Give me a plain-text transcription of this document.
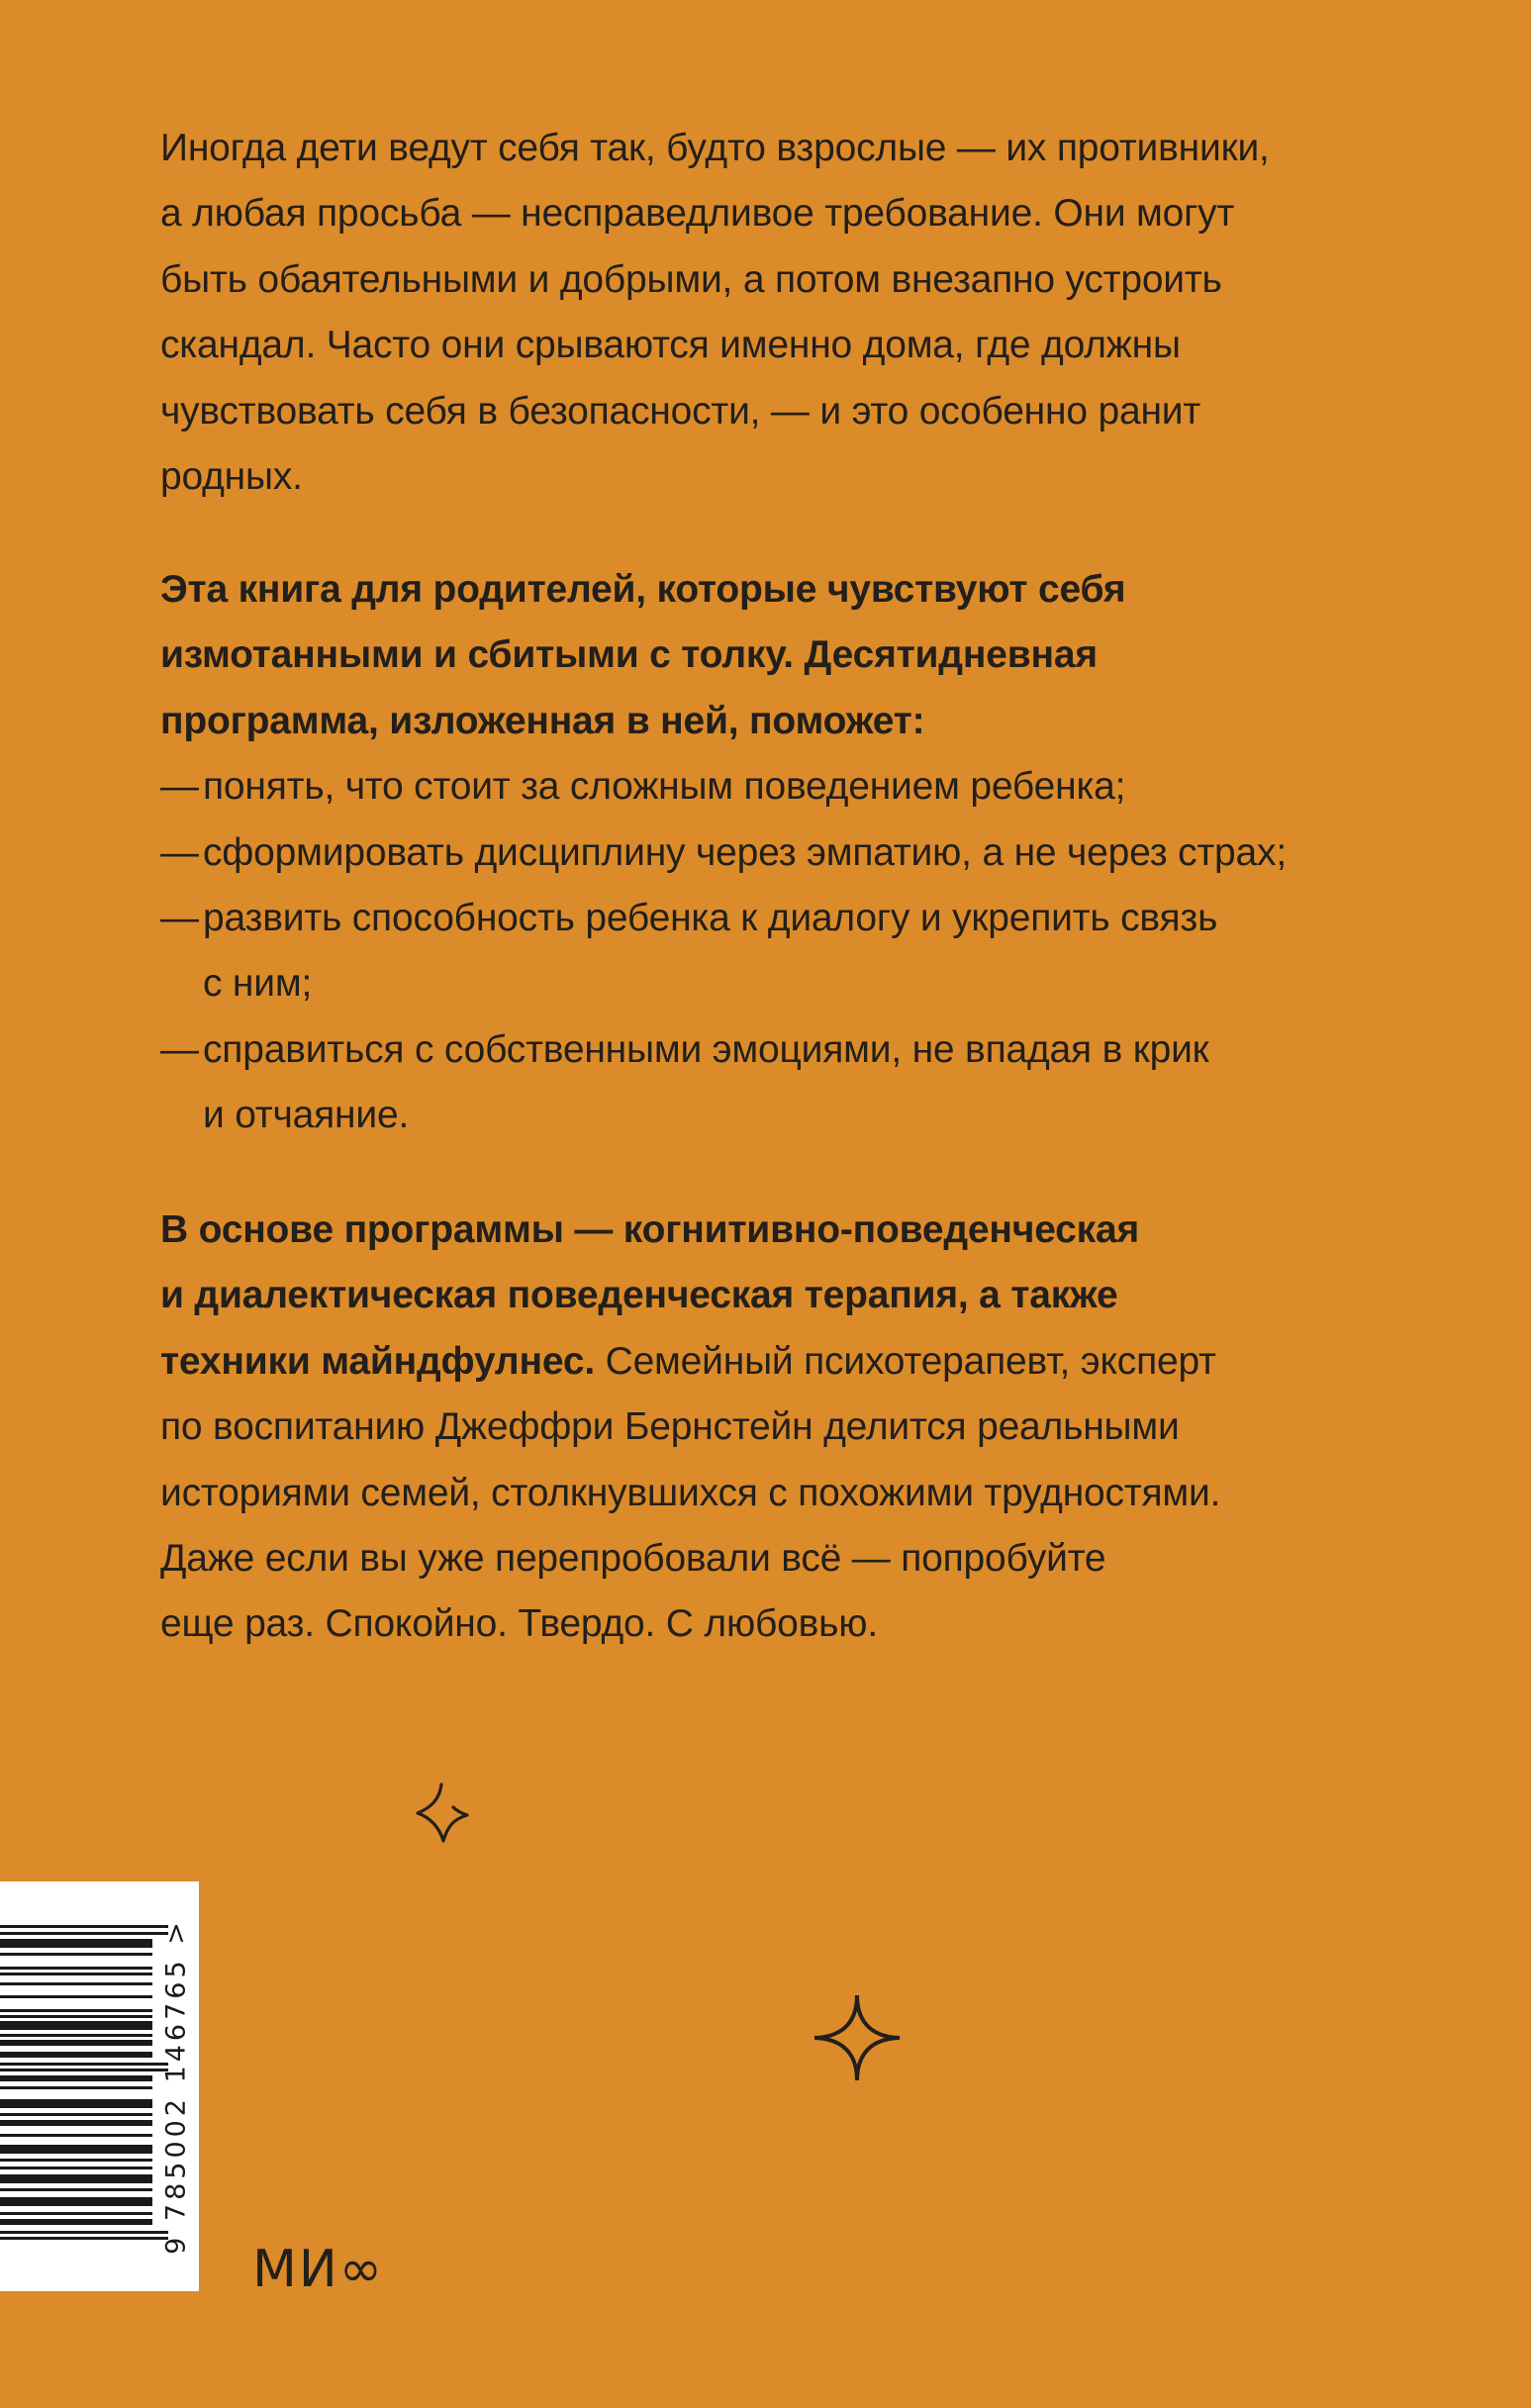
Иногда дети ведут себя так, будто взрослые — их противники,
а любая просьба — несправедливое требование. Они могут
быть обаятельными и добрыми, а потом внезапно устроить
скандал. Часто они срываются именно дома, где должны
чувствовать себя в безопасности, — и это особенно ранит
родных.
Эта книга для родителей, которые чувствуют себя
измотанными и сбитыми с толку. Десятидневная
программа, изложенная в ней, поможет:
— понять, что стоит за сложным поведением ребенка;
— сформировать дисциплину через эмпатию, а не через страх;
— развить способность ребенка к диалогу и укрепить связь
с ним;
— справиться с собственными эмоциями, не впадая в крик
и отчаяние.
В основе программы — когнитивно-поведенческая
и диалектическая поведенческая терапия, а также
техники майндфулнес. Семейный психотерапевт, эксперт
по воспитанию Джеффри Бернстейн делится реальными
историями семей, столкнувшихся с похожими трудностями.
Даже если вы уже перепробовали всё — попробуйте
еще раз. Спокойно. Твердо. С любовью.
9 785002 146765 >
МИ∞
